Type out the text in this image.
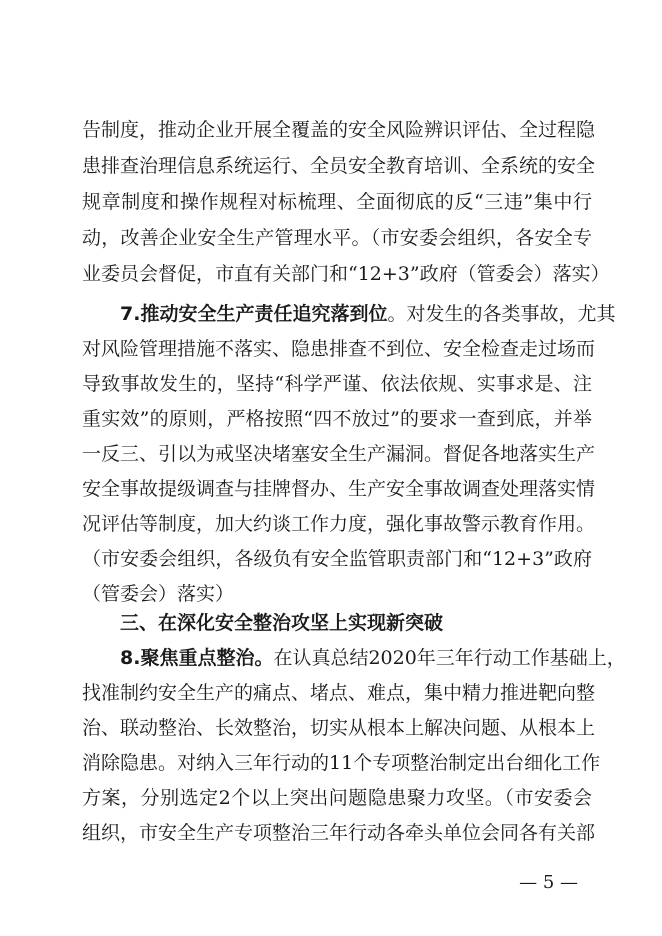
告制度，推动企业开展全覆盖的安全风险辨识评估、全过程隐
患排查治理信息系统运行、全员安全教育培训、全系统的安全
规章制度和操作规程对标梳理、全面彻底的反“三违”集中行
动，改善企业安全生产管理水平。（市安委会组织，各安全专
业委员会督促，市直有关部门和“12+3”政府（管委会）落实）
7.推动安全生产责任追究落到位。对发生的各类事故，尤其
对风险管理措施不落实、隐患排查不到位、安全检查走过场而
导致事故发生的，坚持“科学严谨、依法依规、实事求是、注
重实效”的原则，严格按照“四不放过”的要求一查到底，并举
一反三、引以为戒坚决堵塞安全生产漏洞。督促各地落实生产
安全事故提级调查与挂牌督办、生产安全事故调查处理落实情
况评估等制度，加大约谈工作力度，强化事故警示教育作用。
（市安委会组织，各级负有安全监管职责部门和“12+3”政府
（管委会）落实）
三、在深化安全整治攻坚上实现新突破
8.聚焦重点整治。在认真总结2020年三年行动工作基础上，
找准制约安全生产的痛点、堵点、难点，集中精力推进靶向整
治、联动整治、长效整治，切实从根本上解决问题、从根本上
消除隐患。对纳入三年行动的11个专项整治制定出台细化工作
方案，分别选定2个以上突出问题隐患聚力攻坚。（市安委会
组织，市安全生产专项整治三年行动各牵头单位会同各有关部
— 5 —
